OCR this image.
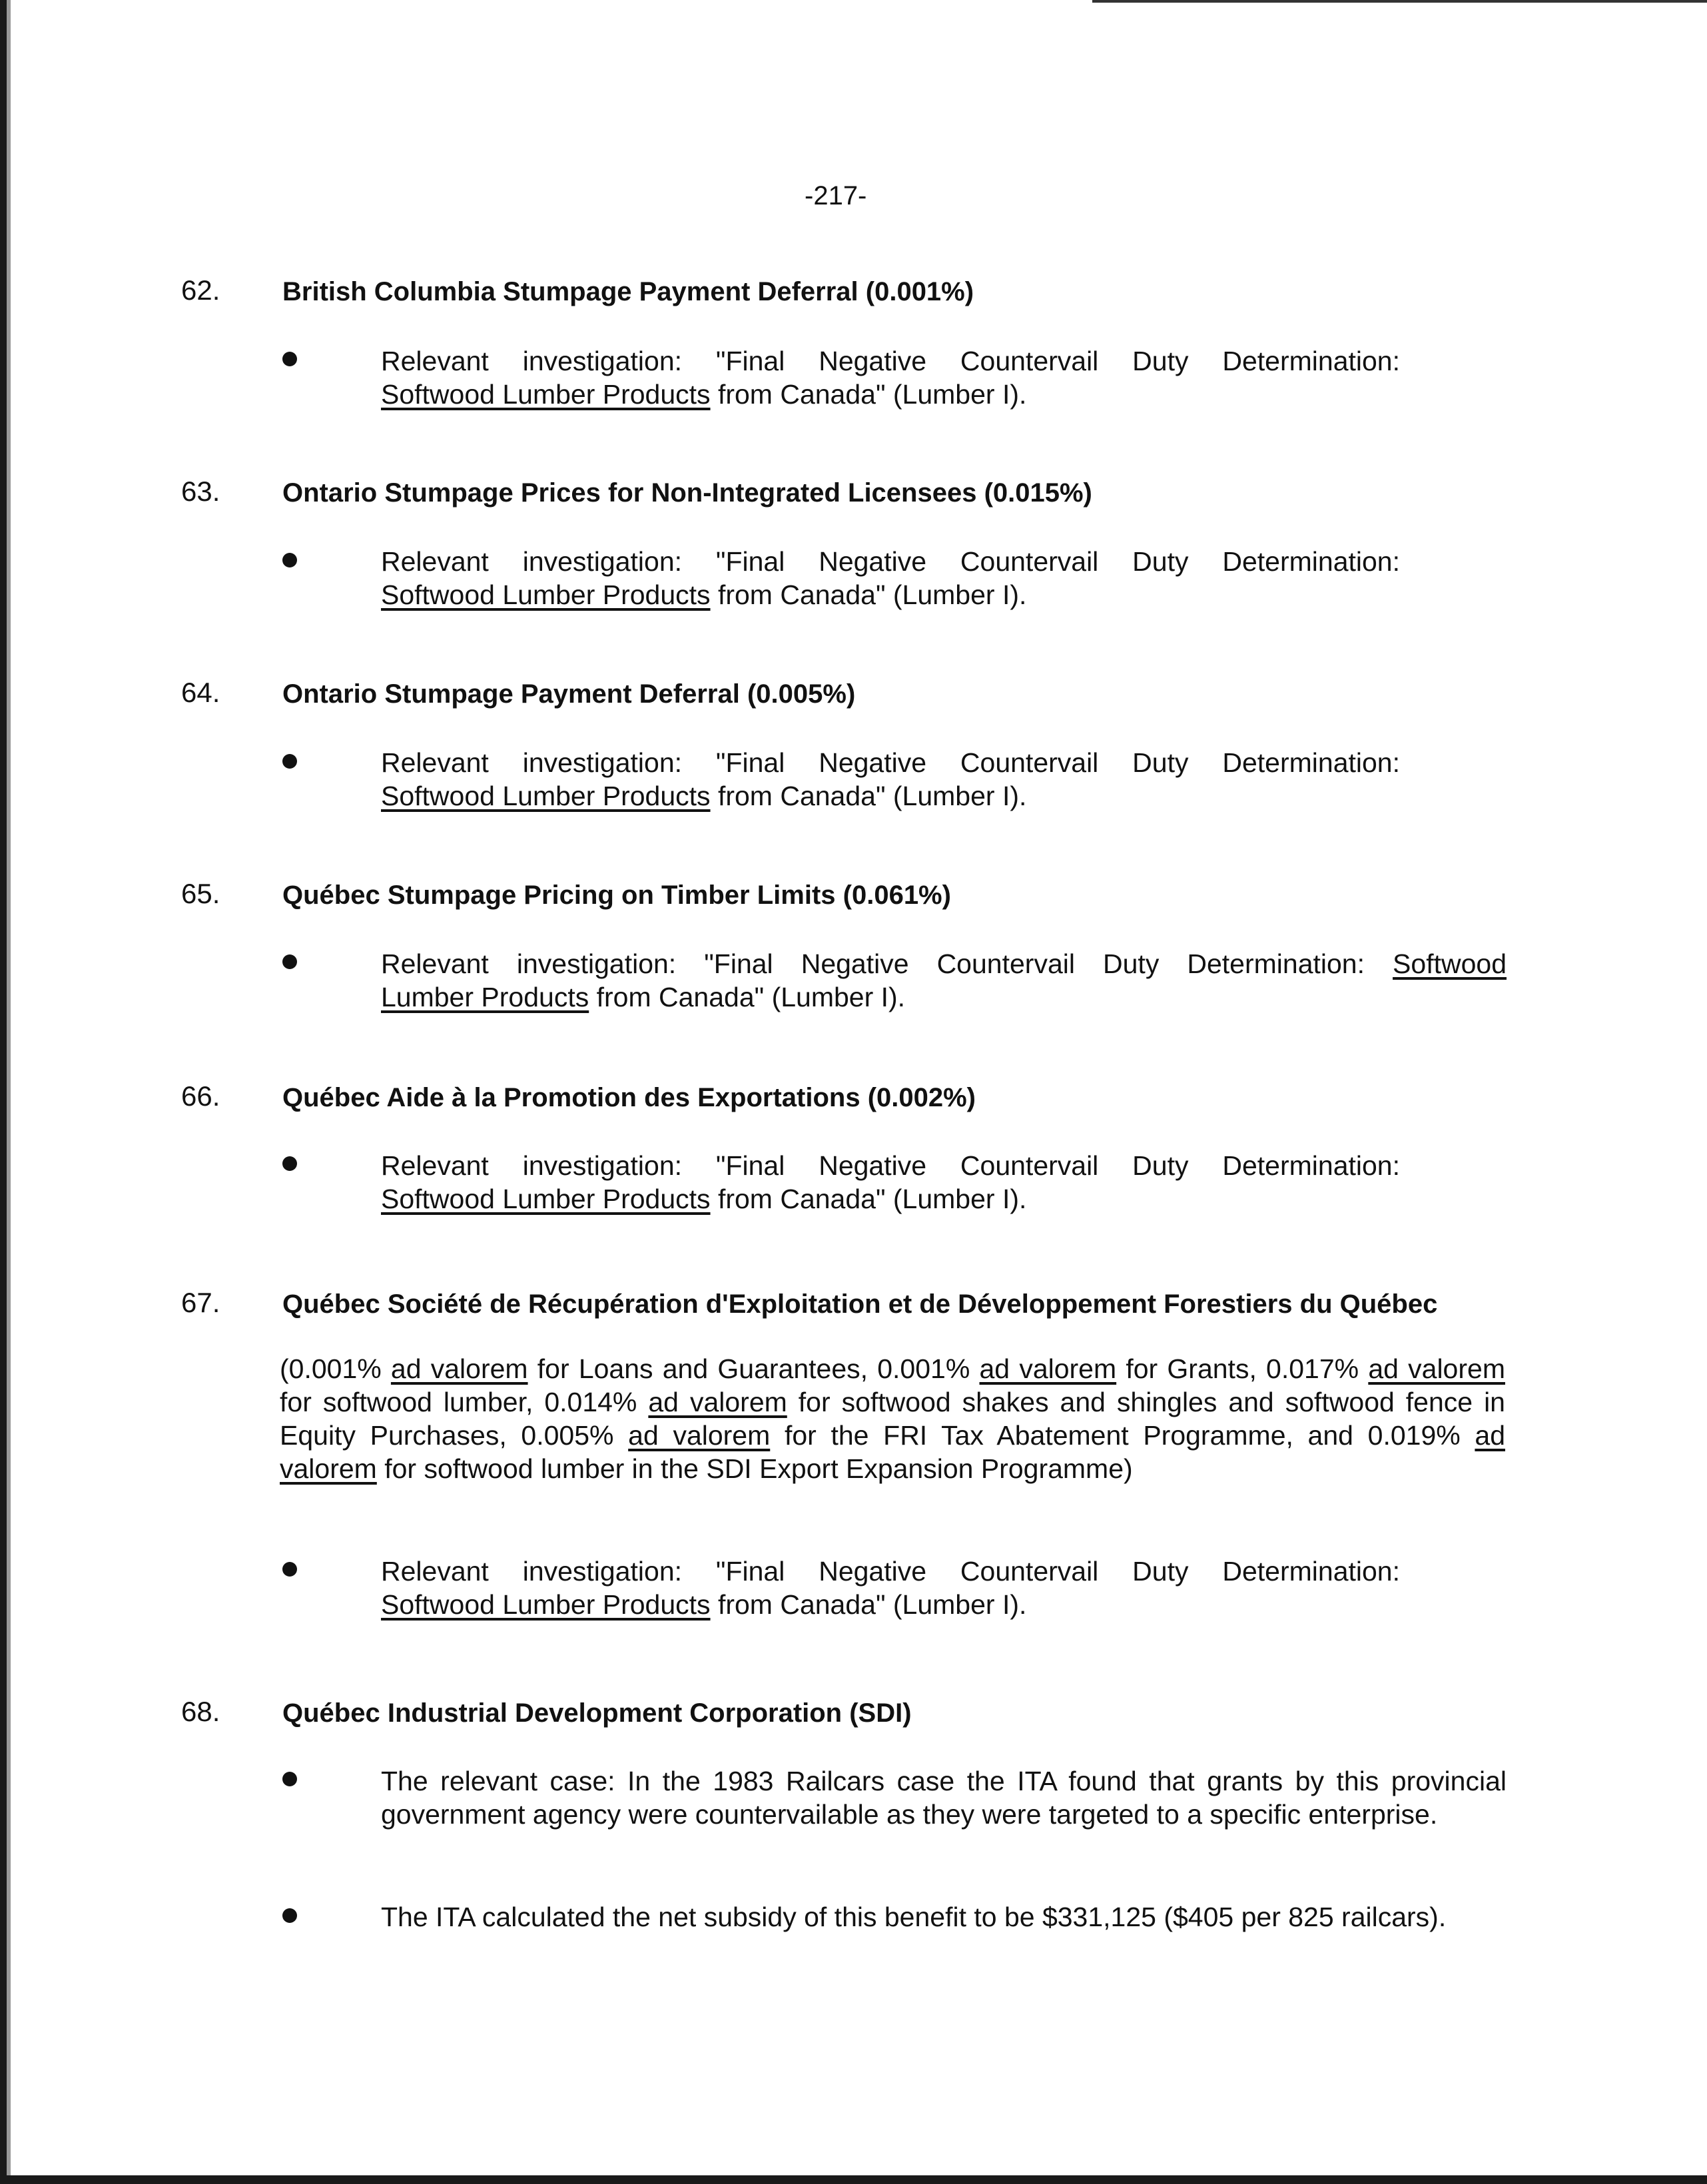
-217-
62. British Columbia Stumpage Payment Deferral (0.001%)
Relevant investigation: "Final Negative Countervail Duty Determination:
Softwood Lumber Products from Canada" (Lumber I).
63. Ontario Stumpage Prices for Non-Integrated Licensees (0.015%)
Relevant investigation: "Final Negative Countervail Duty Determination:
Softwood Lumber Products from Canada" (Lumber I).
64. Ontario Stumpage Payment Deferral (0.005%)
Relevant investigation: "Final Negative Countervail Duty Determination:
Softwood Lumber Products from Canada" (Lumber I).
65. Québec Stumpage Pricing on Timber Limits (0.061%)
Relevant investigation: "Final Negative Countervail Duty Determination: Softwood
Lumber Products from Canada" (Lumber I).
66. Québec Aide à la Promotion des Exportations (0.002%)
Relevant investigation: "Final Negative Countervail Duty Determination:
Softwood Lumber Products from Canada" (Lumber I).
67. Québec Société de Récupération d'Exploitation et de Développement Forestiers du Québec
(0.001% ad valorem for Loans and Guarantees, 0.001% ad valorem for Grants, 0.017% ad valorem for softwood lumber, 0.014% ad valorem for softwood shakes and shingles and softwood fence in Equity Purchases, 0.005% ad valorem for the FRI Tax Abatement Programme, and 0.019% ad valorem for softwood lumber in the SDI Export Expansion Programme)
Relevant investigation: "Final Negative Countervail Duty Determination:
Softwood Lumber Products from Canada" (Lumber I).
68. Québec Industrial Development Corporation (SDI)
The relevant case: In the 1983 Railcars case the ITA found that grants by this provincial government agency were countervailable as they were targeted to a specific enterprise.
The ITA calculated the net subsidy of this benefit to be $331,125 ($405 per 825 railcars).
